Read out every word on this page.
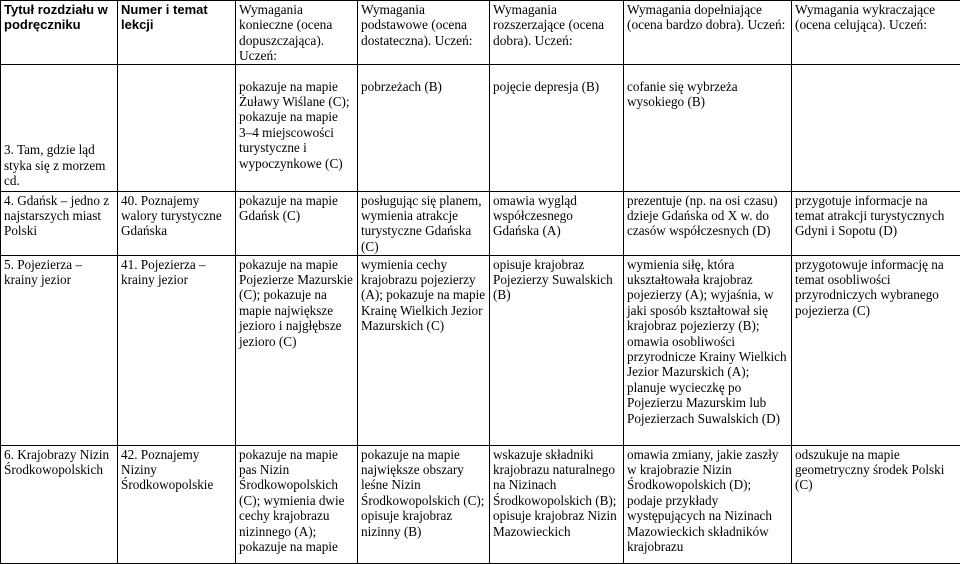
Tytuł rozdziału w podręczniku	Numer i temat lekcji	Wymagania konieczne (ocena dopuszczająca). Uczeń:	Wymagania podstawowe (ocena dostateczna). Uczeń:	Wymagania rozszerzające (ocena dobra). Uczeń:	Wymagania dopełniające (ocena bardzo dobra). Uczeń:	Wymagania wykraczające (ocena celująca). Uczeń:
3. Tam, gdzie ląd styka się z morzem cd.		pokazuje na mapie Żuławy Wiślane (C); pokazuje na mapie 3–4 miejscowości turystyczne i wypoczynkowe (C)	pobrzeżach (B)	pojęcie depresja (B)	cofanie się wybrzeża wysokiego (B)	
4. Gdańsk – jedno z najstarszych miast Polski	40. Poznajemy walory turystyczne Gdańska	pokazuje na mapie Gdańsk (C)	posługując się planem, wymienia atrakcje turystyczne Gdańska (C)	omawia wygląd współczesnego Gdańska (A)	prezentuje (np. na osi czasu) dzieje Gdańska od X w. do czasów współczesnych (D)	przygotuje informacje na temat atrakcji turystycznych Gdyni i Sopotu (D)
5. Pojezierza – krainy jezior	41. Pojezierza – krainy jezior	pokazuje na mapie Pojezierze Mazurskie (C); pokazuje na mapie największe jezioro i najgłębsze jezioro (C)	wymienia cechy krajobrazu pojezierzy (A); pokazuje na mapie Krainę Wielkich Jezior Mazurskich (C)	opisuje krajobraz Pojezierzy Suwalskich (B)	wymienia siłę, która ukształtowała krajobraz pojezierzy (A); wyjaśnia, w jaki sposób kształtował się krajobraz pojezierzy (B); omawia osobliwości przyrodnicze Krainy Wielkich Jezior Mazurskich (A); planuje wycieczkę po Pojezierzu Mazurskim lub Pojezierzach Suwalskich (D)	przygotowuje informację na temat osobliwości przyrodniczych wybranego pojezierza (C)
6. Krajobrazy Nizin Środkowopolskich	42. Poznajemy Niziny Środkowopolskie	pokazuje na mapie pas Nizin Środkowopolskich (C); wymienia dwie cechy krajobrazu nizinnego (A); pokazuje na mapie	pokazuje na mapie największe obszary leśne Nizin Środkowopolskich (C); opisuje krajobraz nizinny (B)	wskazuje składniki krajobrazu naturalnego na Nizinach Środkowopolskich (B); opisuje krajobraz Nizin Mazowieckich	omawia zmiany, jakie zaszły w krajobrazie Nizin Środkowopolskich (D); podaje przykłady występujących na Nizinach Mazowieckich składników krajobrazu	odszukuje na mapie geometryczny środek Polski (C)
